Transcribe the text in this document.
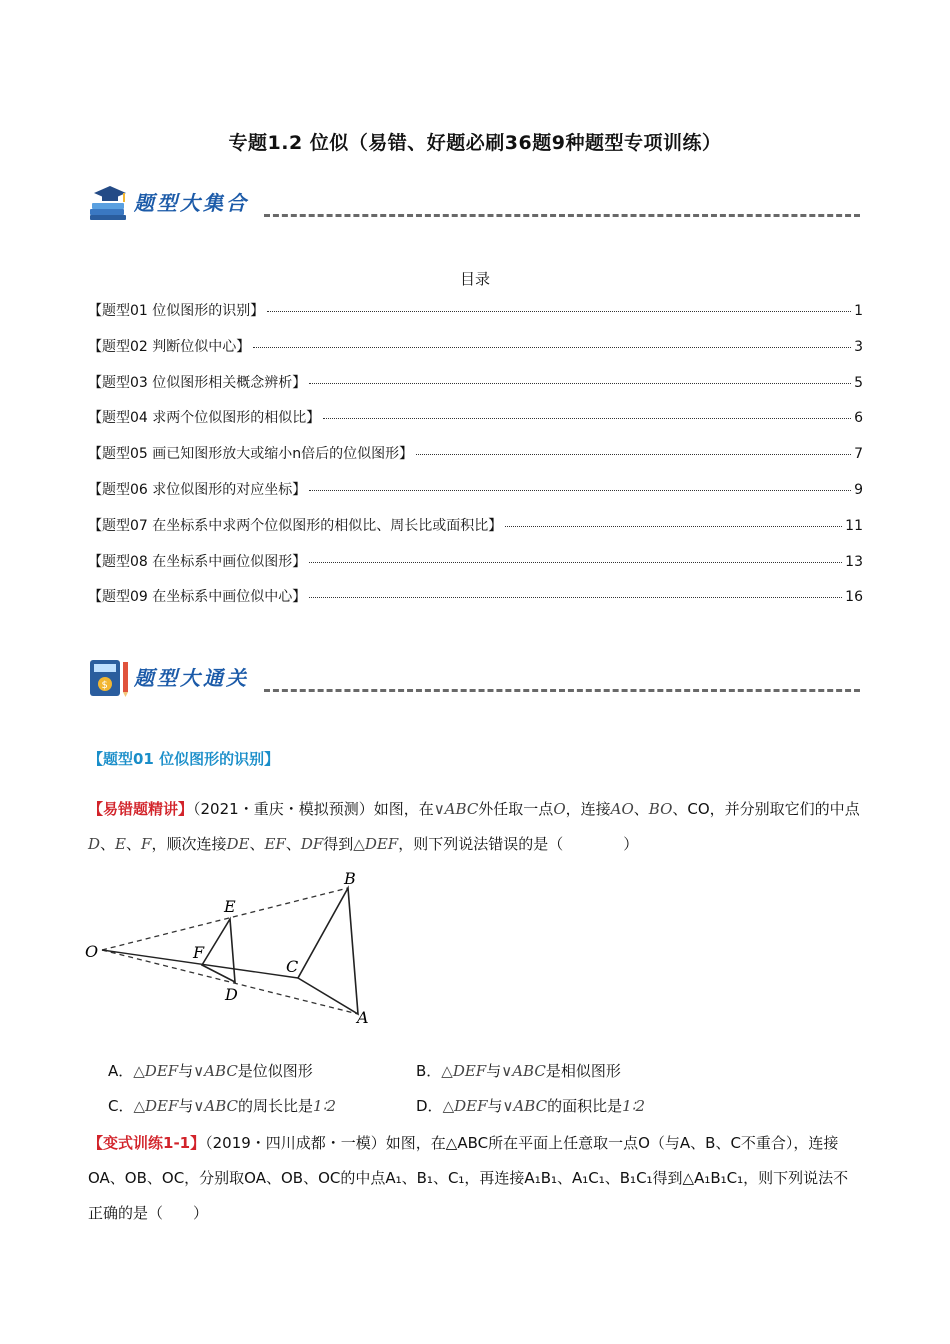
专题1.2 位似（易错、好题必刷36题9种题型专项训练）
题型大集合
目录
【题型01 位似图形的识别】	1
【题型02 判断位似中心】	3
【题型03 位似图形相关概念辨析】	5
【题型04 求两个位似图形的相似比】	6
【题型05 画已知图形放大或缩小n倍后的位似图形】	7
【题型06 求位似图形的对应坐标】	9
【题型07 在坐标系中求两个位似图形的相似比、周长比或面积比】	11
【题型08 在坐标系中画位似图形】	13
【题型09 在坐标系中画位似中心】	16
$ 题型大通关
【题型01 位似图形的识别】
【易错题精讲】（2021・重庆・模拟预测）如图，在∨ABC外任取一点O，连接AO、BO、CO，并分别取它们的中点D、E、F，顺次连接DE、EF、DF得到△DEF，则下列说法错误的是（　　　　）
O
E
F
D
C
B
A
A．△DEF与∨ABC是位似图形	B．△DEF与∨ABC是相似图形
C．△DEF与∨ABC的周长比是1∶2	D．△DEF与∨ABC的面积比是1∶2
【变式训练1-1】（2019・四川成都・一模）如图，在△ABC所在平面上任意取一点O（与A、B、C不重合），连接OA、OB、OC，分别取OA、OB、OC的中点A₁、B₁、C₁，再连接A₁B₁、A₁C₁、B₁C₁得到△A₁B₁C₁，则下列说法不正确的是（　　）
